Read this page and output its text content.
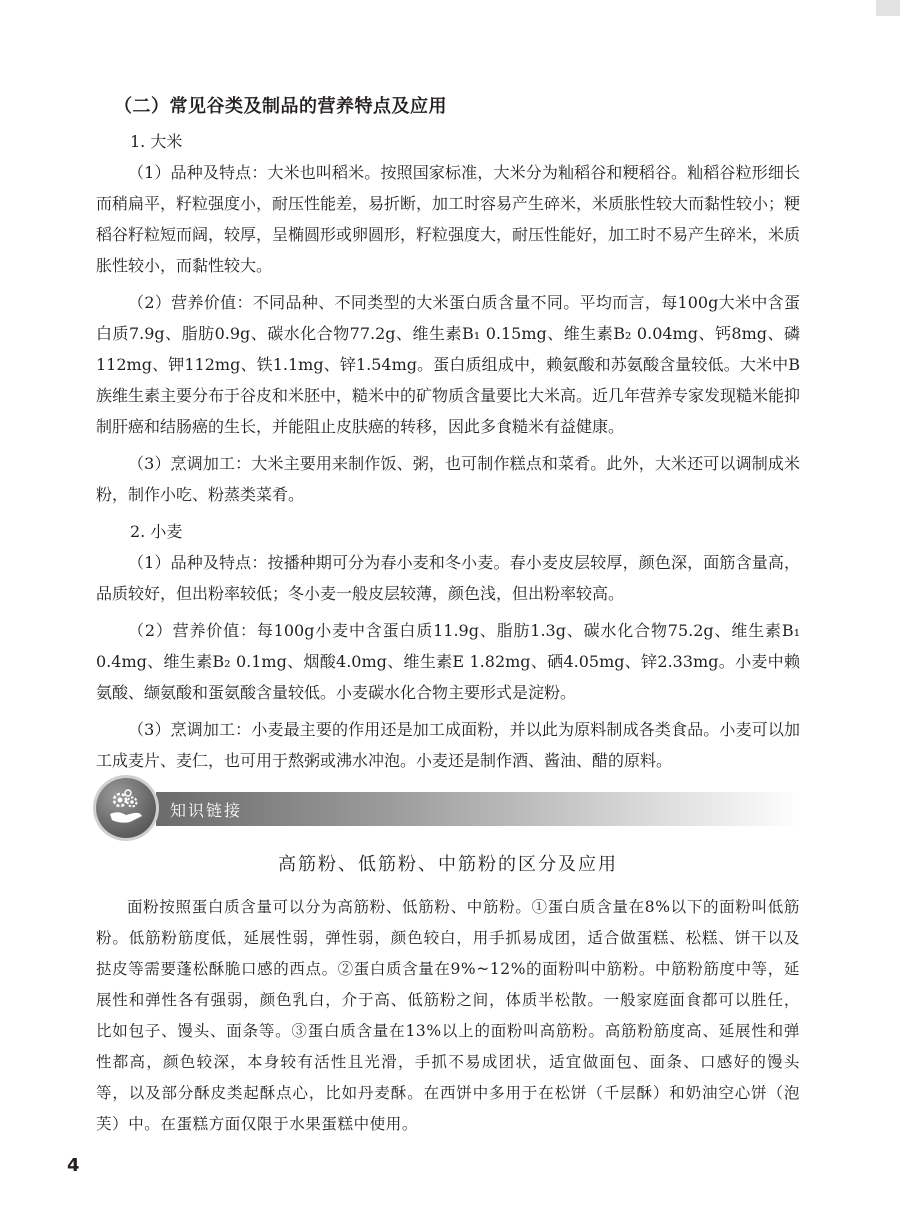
（二）常见谷类及制品的营养特点及应用
1. 大米

（1）品种及特点：大米也叫稻米。按照国家标准，大米分为籼稻谷和粳稻谷。籼稻谷粒形细长而稍扁平，籽粒强度小，耐压性能差，易折断，加工时容易产生碎米，米质胀性较大而黏性较小；粳稻谷籽粒短而阔，较厚，呈椭圆形或卵圆形，籽粒强度大，耐压性能好，加工时不易产生碎米，米质胀性较小，而黏性较大。

（2）营养价值：不同品种、不同类型的大米蛋白质含量不同。平均而言，每100g大米中含蛋白质7.9g、脂肪0.9g、碳水化合物77.2g、维生素B₁ 0.15mg、维生素B₂ 0.04mg、钙8mg、磷112mg、钾112mg、铁1.1mg、锌1.54mg。蛋白质组成中，赖氨酸和苏氨酸含量较低。大米中B族维生素主要分布于谷皮和米胚中，糙米中的矿物质含量要比大米高。近几年营养专家发现糙米能抑制肝癌和结肠癌的生长，并能阻止皮肤癌的转移，因此多食糙米有益健康。

（3）烹调加工：大米主要用来制作饭、粥，也可制作糕点和菜肴。此外，大米还可以调制成米粉，制作小吃、粉蒸类菜肴。

2. 小麦

（1）品种及特点：按播种期可分为春小麦和冬小麦。春小麦皮层较厚，颜色深，面筋含量高，品质较好，但出粉率较低；冬小麦一般皮层较薄，颜色浅，但出粉率较高。

（2）营养价值：每100g小麦中含蛋白质11.9g、脂肪1.3g、碳水化合物75.2g、维生素B₁ 0.4mg、维生素B₂ 0.1mg、烟酸4.0mg、维生素E 1.82mg、硒4.05mg、锌2.33mg。小麦中赖氨酸、缬氨酸和蛋氨酸含量较低。小麦碳水化合物主要形式是淀粉。

（3）烹调加工：小麦最主要的作用还是加工成面粉，并以此为原料制成各类食品。小麦可以加工成麦片、麦仁，也可用于熬粥或沸水冲泡。小麦还是制作酒、酱油、醋的原料。

知识链接
高筋粉、低筋粉、中筋粉的区分及应用

面粉按照蛋白质含量可以分为高筋粉、低筋粉、中筋粉。①蛋白质含量在8%以下的面粉叫低筋粉。低筋粉筋度低，延展性弱，弹性弱，颜色较白，用手抓易成团，适合做蛋糕、松糕、饼干以及挞皮等需要蓬松酥脆口感的西点。②蛋白质含量在9%~12%的面粉叫中筋粉。中筋粉筋度中等，延展性和弹性各有强弱，颜色乳白，介于高、低筋粉之间，体质半松散。一般家庭面食都可以胜任，比如包子、馒头、面条等。③蛋白质含量在13%以上的面粉叫高筋粉。高筋粉筋度高、延展性和弹性都高，颜色较深，本身较有活性且光滑，手抓不易成团状，适宜做面包、面条、口感好的馒头等，以及部分酥皮类起酥点心，比如丹麦酥。在西饼中多用于在松饼（千层酥）和奶油空心饼（泡芙）中。在蛋糕方面仅限于水果蛋糕中使用。

4
